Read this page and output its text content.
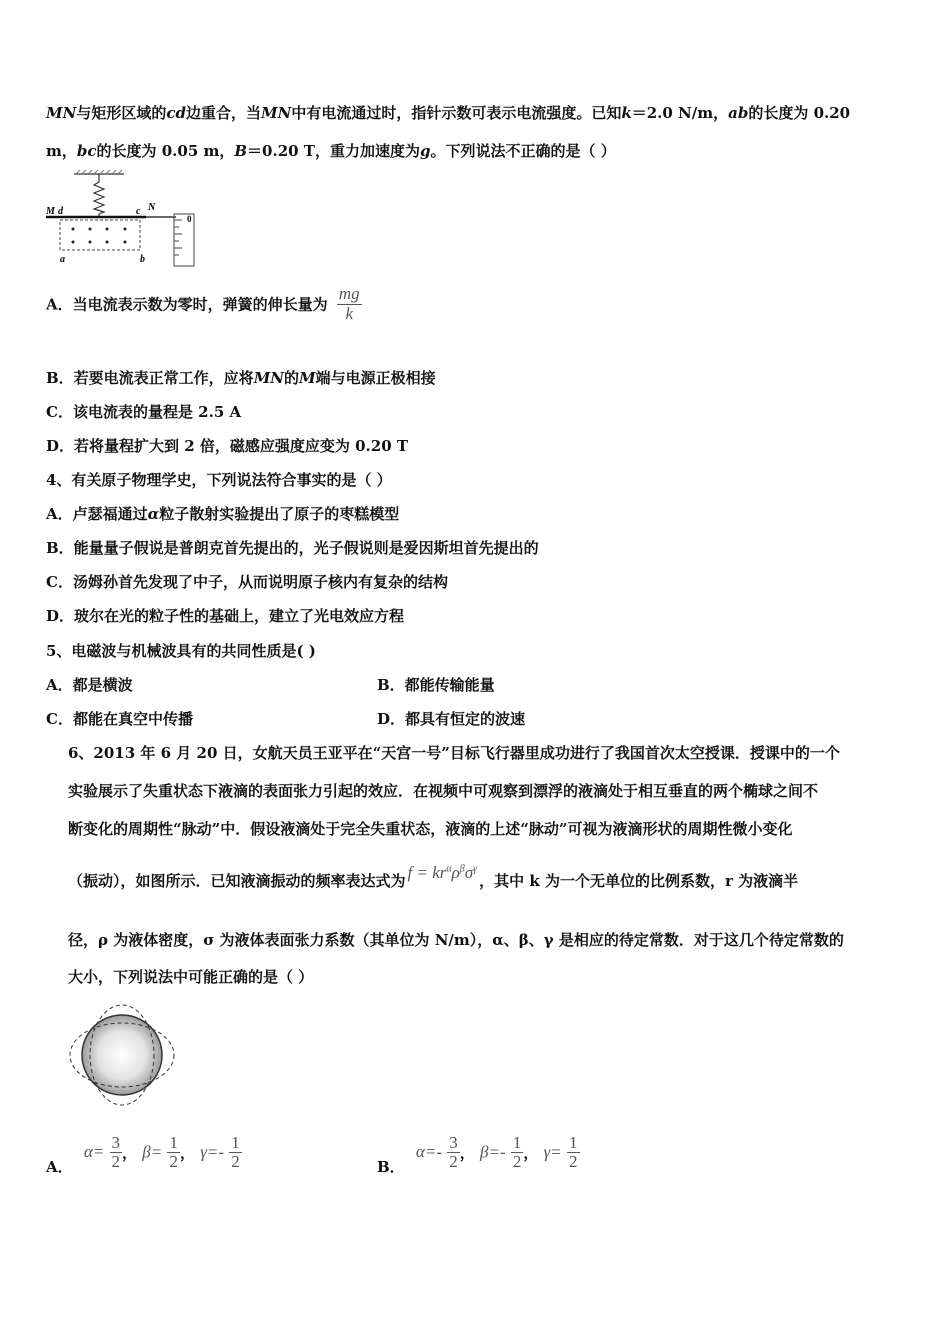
MN与矩形区域的cd边重合，当MN中有电流通过时，指针示数可表示电流强度。已知k＝2.0 N/m，ab的长度为 0.20
m，bc的长度为 0.05 m，B＝0.20 T，重力加速度为g。下列说法不正确的是（ ）
0
M d	c N
a	b
A．当电流表示数为零时，弹簧的伸长量为 $\frac{mg}{k}$
B．若要电流表正常工作，应将MN的M端与电源正极相接
C．该电流表的量程是 2.5 A
D．若将量程扩大到 2 倍，磁感应强度应变为 0.20 T
4、有关原子物理学史，下列说法符合事实的是（ ）
A．卢瑟福通过α粒子散射实验提出了原子的枣糕模型
B．能量量子假说是普朗克首先提出的，光子假说则是爱因斯坦首先提出的
C．汤姆孙首先发现了中子，从而说明原子核内有复杂的结构
D．玻尔在光的粒子性的基础上，建立了光电效应方程
5、电磁波与机械波具有的共同性质是( )
A．都是横波	B．都能传输能量
C．都能在真空中传播	D．都具有恒定的波速
6、2013 年 6 月 20 日，女航天员王亚平在“天宫一号”目标飞行器里成功进行了我国首次太空授课．授课中的一个
实验展示了失重状态下液滴的表面张力引起的效应．在视频中可观察到漂浮的液滴处于相互垂直的两个椭球之间不
断变化的周期性“脉动”中．假设液滴处于完全失重状态，液滴的上述“脉动”可视为液滴形状的周期性微小变化
（振动），如图所示．已知液滴振动的频率表达式为 $f = kr^\alpha\rho^\beta\sigma^\gamma$，其中 k 为一个无单位的比例系数，r 为液滴半
径，ρ 为液体密度，σ 为液体表面张力系数（其单位为 N/m），α、β、γ 是相应的待定常数．对于这几个待定常数的
大小，下列说法中可能正确的是（ ）
A． $\alpha= \frac{3}{2}$ ， $\beta= \frac{1}{2}$ ， $\gamma=- \frac{1}{2}$	B． $\alpha=- \frac{3}{2}$ ， $\beta=- \frac{1}{2}$ ， $\gamma= \frac{1}{2}$
